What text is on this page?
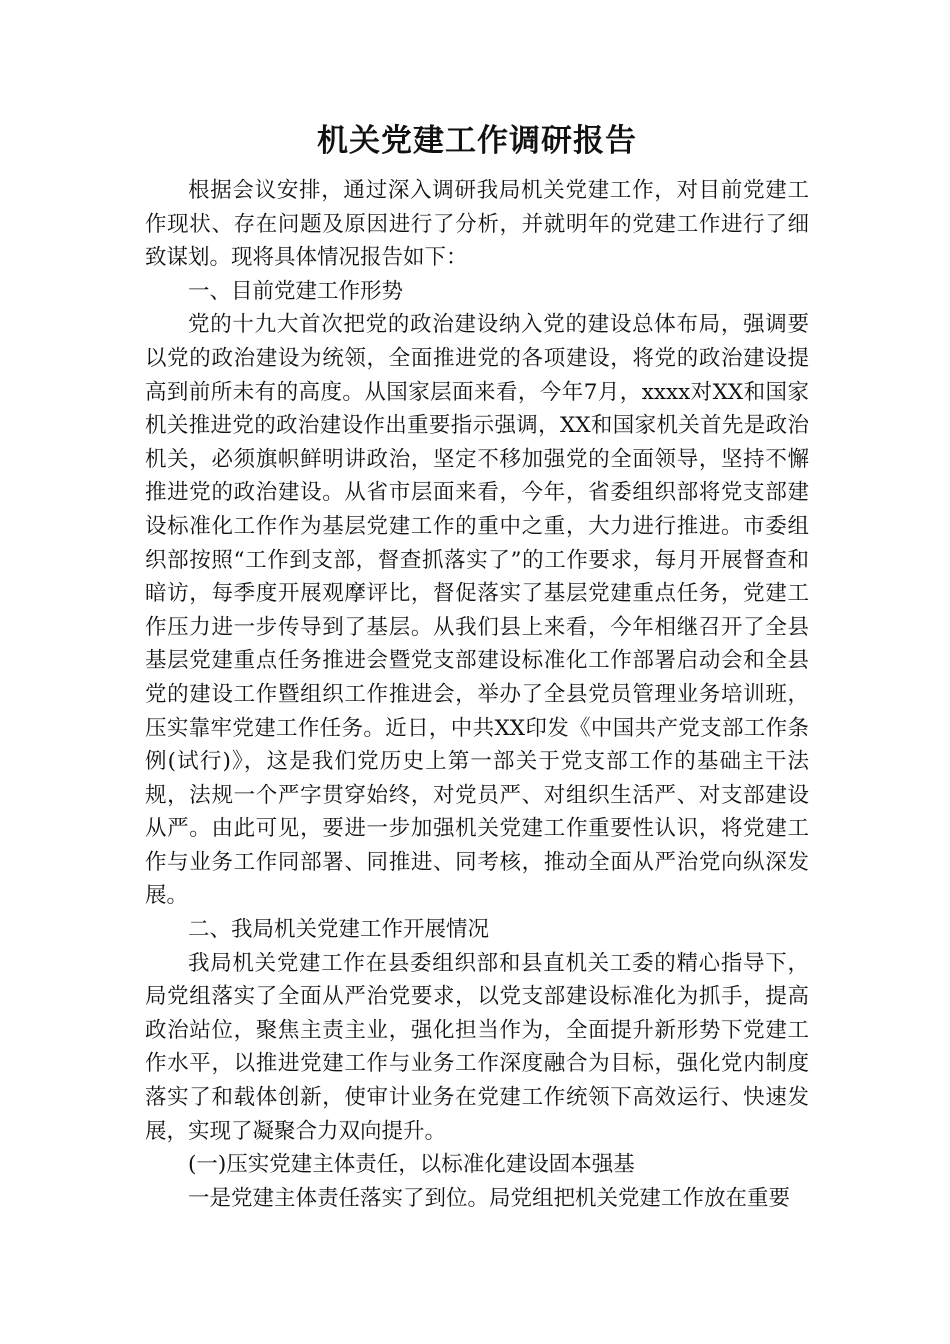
机关党建工作调研报告

根据会议安排，通过深入调研我局机关党建工作，对目前党建工作现状、存在问题及原因进行了分析，并就明年的党建工作进行了细致谋划。现将具体情况报告如下：

一、目前党建工作形势

党的十九大首次把党的政治建设纳入党的建设总体布局，强调要以党的政治建设为统领，全面推进党的各项建设，将党的政治建设提高到前所未有的高度。从国家层面来看，今年7月，xxxx对XX和国家机关推进党的政治建设作出重要指示强调，XX和国家机关首先是政治机关，必须旗帜鲜明讲政治，坚定不移加强党的全面领导，坚持不懈推进党的政治建设。从省市层面来看，今年，省委组织部将党支部建设标准化工作作为基层党建工作的重中之重，大力进行推进。市委组织部按照“工作到支部，督查抓落实了”的工作要求，每月开展督查和暗访，每季度开展观摩评比，督促落实了基层党建重点任务，党建工作压力进一步传导到了基层。从我们县上来看，今年相继召开了全县基层党建重点任务推进会暨党支部建设标准化工作部署启动会和全县党的建设工作暨组织工作推进会，举办了全县党员管理业务培训班，压实靠牢党建工作任务。近日，中共XX印发《中国共产党支部工作条例(试行)》，这是我们党历史上第一部关于党支部工作的基础主干法规，法规一个严字贯穿始终，对党员严、对组织生活严、对支部建设从严。由此可见，要进一步加强机关党建工作重要性认识，将党建工作与业务工作同部署、同推进、同考核，推动全面从严治党向纵深发展。

二、我局机关党建工作开展情况

我局机关党建工作在县委组织部和县直机关工委的精心指导下，局党组落实了全面从严治党要求，以党支部建设标准化为抓手，提高政治站位，聚焦主责主业，强化担当作为，全面提升新形势下党建工作水平，以推进党建工作与业务工作深度融合为目标，强化党内制度落实了和载体创新，使审计业务在党建工作统领下高效运行、快速发展，实现了凝聚合力双向提升。

(一)压实党建主体责任，以标准化建设固本强基

一是党建主体责任落实了到位。局党组把机关党建工作放在重要
